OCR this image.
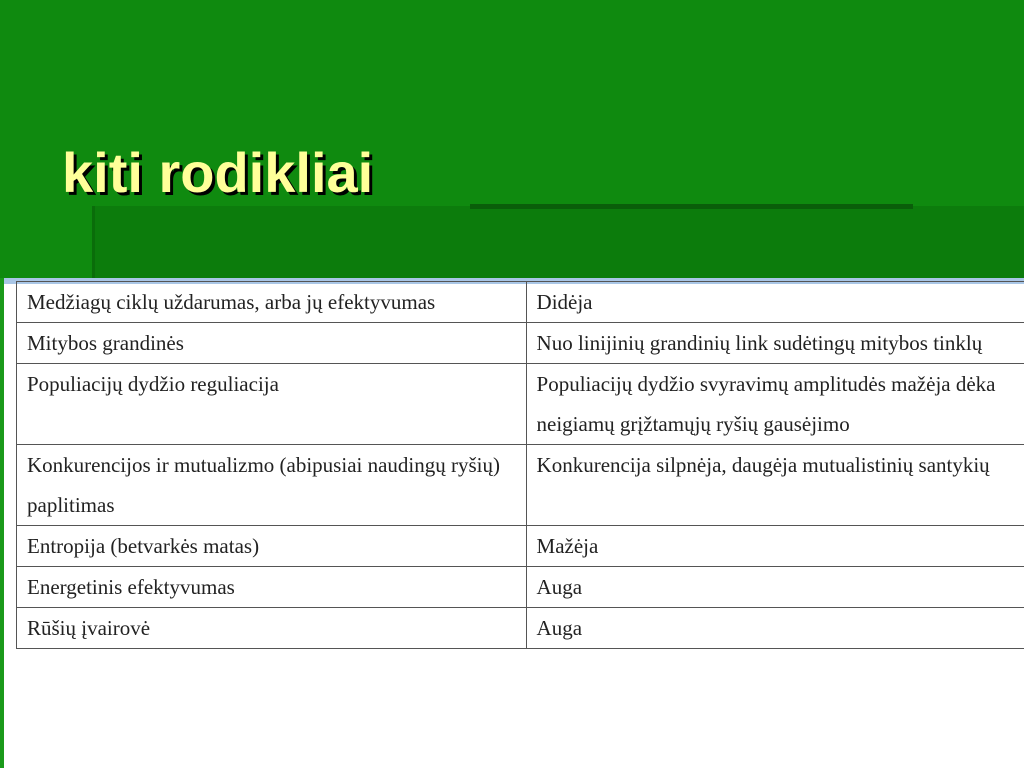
kiti rodikliai
Medžiagų ciklų uždarumas, arba jų efektyvumas	Didėja
Mitybos grandinės	Nuo linijinių grandinių link sudėtingų mitybos tinklų
Populiacijų dydžio reguliacija	Populiacijų dydžio svyravimų amplitudės mažėja dėka neigiamų grįžtamųjų ryšių gausėjimo
Konkurencijos ir mutualizmo (abipusiai naudingų ryšių) paplitimas	Konkurencija silpnėja, daugėja mutualistinių santykių
Entropija (betvarkės matas)	Mažėja
Energetinis efektyvumas	Auga
Rūšių įvairovė	Auga
